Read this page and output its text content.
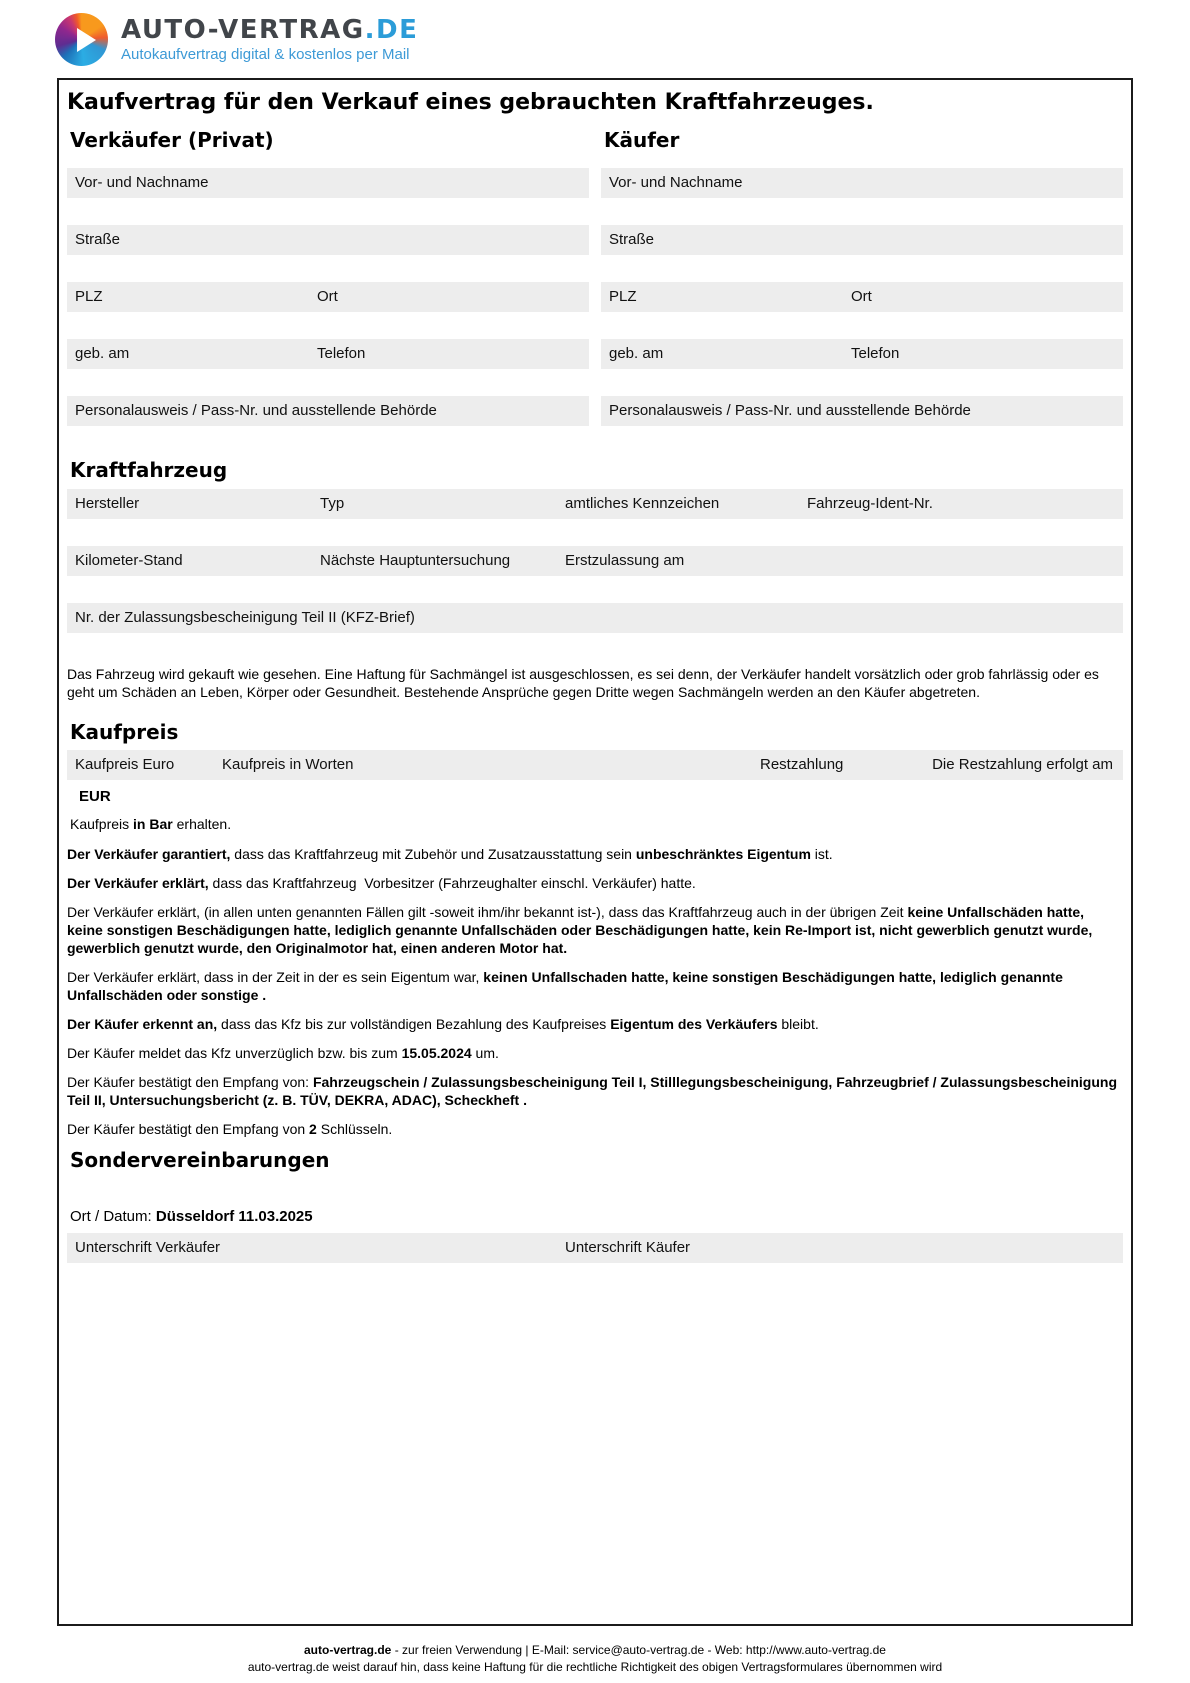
AUTO-VERTRAG.DE
Autokaufvertrag digital & kostenlos per Mail
Kaufvertrag für den Verkauf eines gebrauchten Kraftfahrzeuges.
Verkäufer (Privat)
Vor- und Nachname
Straße
PLZ	Ort
geb. am	Telefon
Personalausweis / Pass-Nr. und ausstellende Behörde
Käufer
Vor- und Nachname
Straße
PLZ	Ort
geb. am	Telefon
Personalausweis / Pass-Nr. und ausstellende Behörde
Kraftfahrzeug
Hersteller	Typ	amtliches Kennzeichen	Fahrzeug-Ident-Nr.
Kilometer-Stand	Nächste Hauptuntersuchung	Erstzulassung am
Nr. der Zulassungsbescheinigung Teil II (KFZ-Brief)

Das Fahrzeug wird gekauft wie gesehen. Eine Haftung für Sachmängel ist ausgeschlossen, es sei denn, der Verkäufer handelt vorsätzlich oder grob fahrlässig oder es geht um Schäden an Leben, Körper oder Gesundheit. Bestehende Ansprüche gegen Dritte wegen Sachmängeln werden an den Käufer abgetreten.

Kaufpreis
Kaufpreis Euro	Kaufpreis in Worten	Restzahlung	Die Restzahlung erfolgt am
EUR

Kaufpreis in Bar erhalten.

Der Verkäufer garantiert, dass das Kraftfahrzeug mit Zubehör und Zusatzausstattung sein unbeschränktes Eigentum ist.

Der Verkäufer erklärt, dass das Kraftfahrzeug  Vorbesitzer (Fahrzeughalter einschl. Verkäufer) hatte.

Der Verkäufer erklärt, (in allen unten genannten Fällen gilt -soweit ihm/ihr bekannt ist-), dass das Kraftfahrzeug auch in der übrigen Zeit keine Unfallschäden hatte, keine sonstigen Beschädigungen hatte, lediglich genannte Unfallschäden oder Beschädigungen hatte, kein Re-Import ist, nicht gewerblich genutzt wurde, gewerblich genutzt wurde, den Originalmotor hat, einen anderen Motor hat.

Der Verkäufer erklärt, dass in der Zeit in der es sein Eigentum war, keinen Unfallschaden hatte, keine sonstigen Beschädigungen hatte, lediglich genannte Unfallschäden oder sonstige .

Der Käufer erkennt an, dass das Kfz bis zur vollständigen Bezahlung des Kaufpreises Eigentum des Verkäufers bleibt.

Der Käufer meldet das Kfz unverzüglich bzw. bis zum 15.05.2024 um.

Der Käufer bestätigt den Empfang von: Fahrzeugschein / Zulassungsbescheinigung Teil I, Stilllegungsbescheinigung, Fahrzeugbrief / Zulassungsbescheinigung Teil II, Untersuchungsbericht (z. B. TÜV, DEKRA, ADAC), Scheckheft .

Der Käufer bestätigt den Empfang von 2 Schlüsseln.

Sondervereinbarungen

Ort / Datum: Düsseldorf 11.03.2025

Unterschrift Verkäufer	Unterschrift Käufer
auto-vertrag.de - zur freien Verwendung | E-Mail: service@auto-vertrag.de - Web: http://www.auto-vertrag.de
auto-vertrag.de weist darauf hin, dass keine Haftung für die rechtliche Richtigkeit des obigen Vertragsformulares übernommen wird
